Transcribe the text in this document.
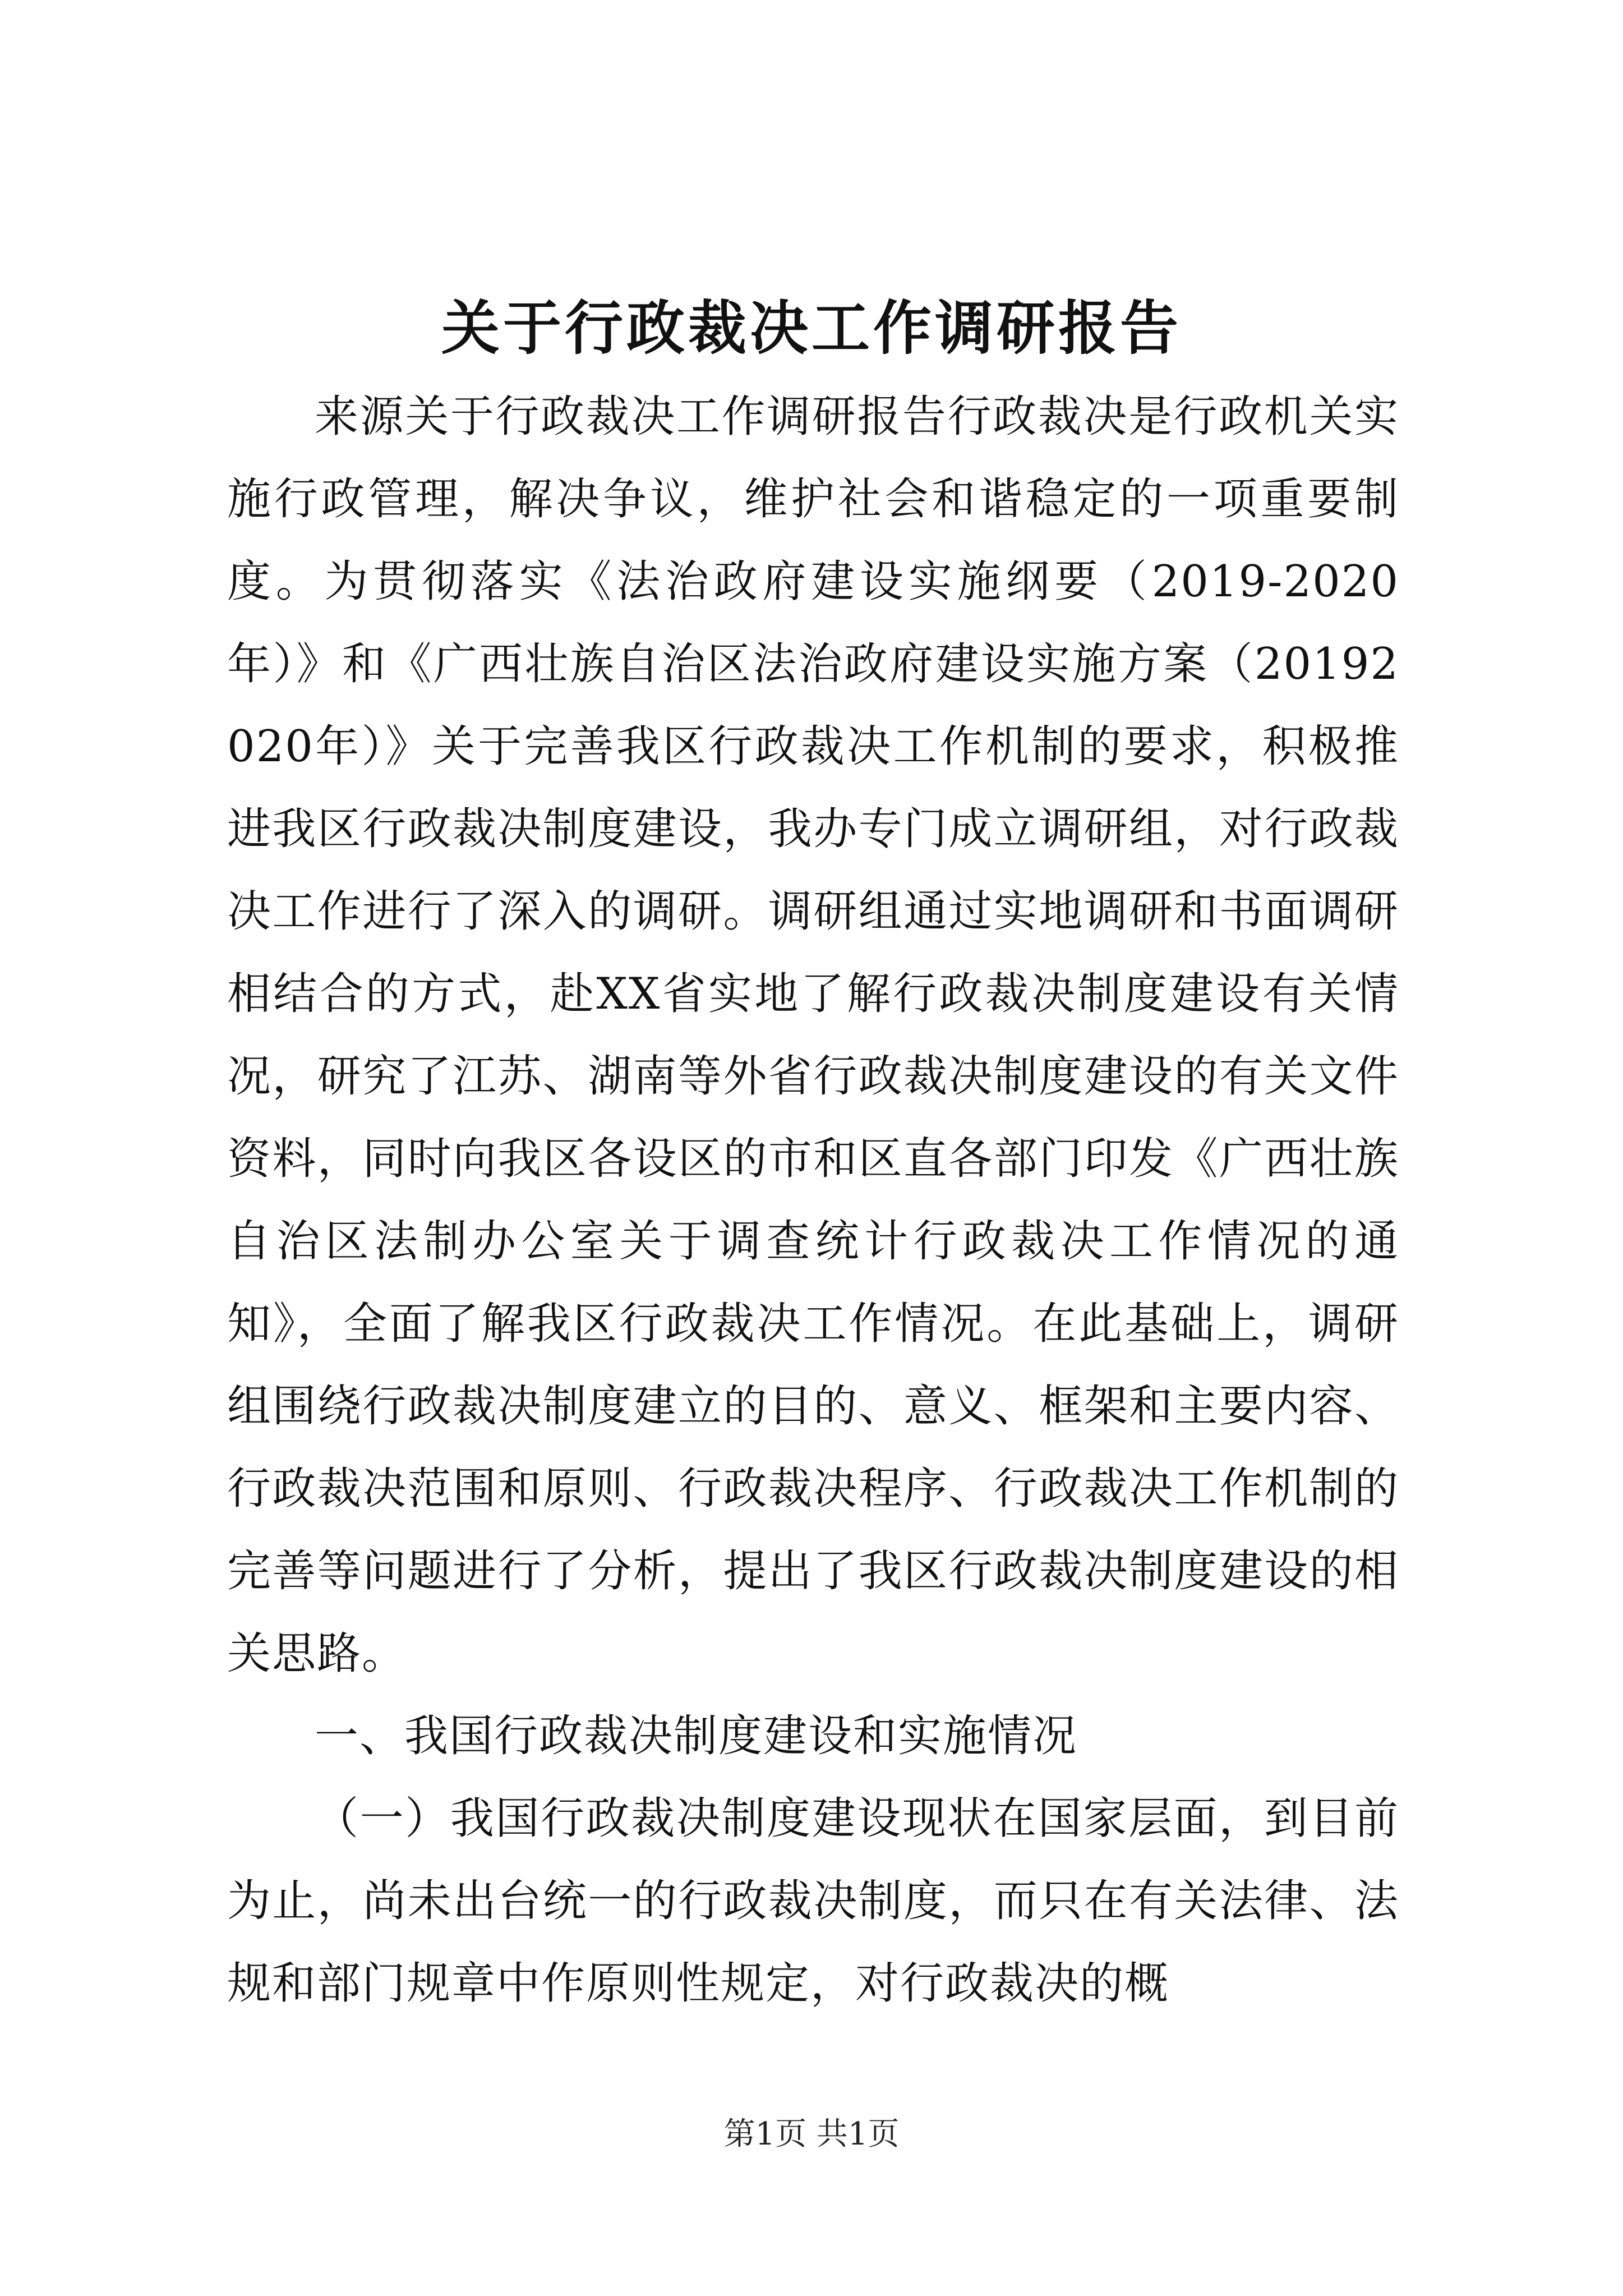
关于行政裁决工作调研报告

来源关于行政裁决工作调研报告行政裁决是行政机关实施行政管理，解决争议，维护社会和谐稳定的一项重要制度。为贯彻落实《法治政府建设实施纲要（2019-2020年）》和《广西壮族自治区法治政府建设实施方案（20192020年）》关于完善我区行政裁决工作机制的要求，积极推进我区行政裁决制度建设，我办专门成立调研组，对行政裁决工作进行了深入的调研。调研组通过实地调研和书面调研相结合的方式，赴XX省实地了解行政裁决制度建设有关情况，研究了江苏、湖南等外省行政裁决制度建设的有关文件资料，同时向我区各设区的市和区直各部门印发《广西壮族自治区法制办公室关于调查统计行政裁决工作情况的通知》，全面了解我区行政裁决工作情况。在此基础上，调研组围绕行政裁决制度建立的目的、意义、框架和主要内容、行政裁决范围和原则、行政裁决程序、行政裁决工作机制的完善等问题进行了分析，提出了我区行政裁决制度建设的相关思路。

一、我国行政裁决制度建设和实施情况

（一）我国行政裁决制度建设现状在国家层面，到目前为止，尚未出台统一的行政裁决制度，而只在有关法律、法规和部门规章中作原则性规定，对行政裁决的概

第1页 共1页
